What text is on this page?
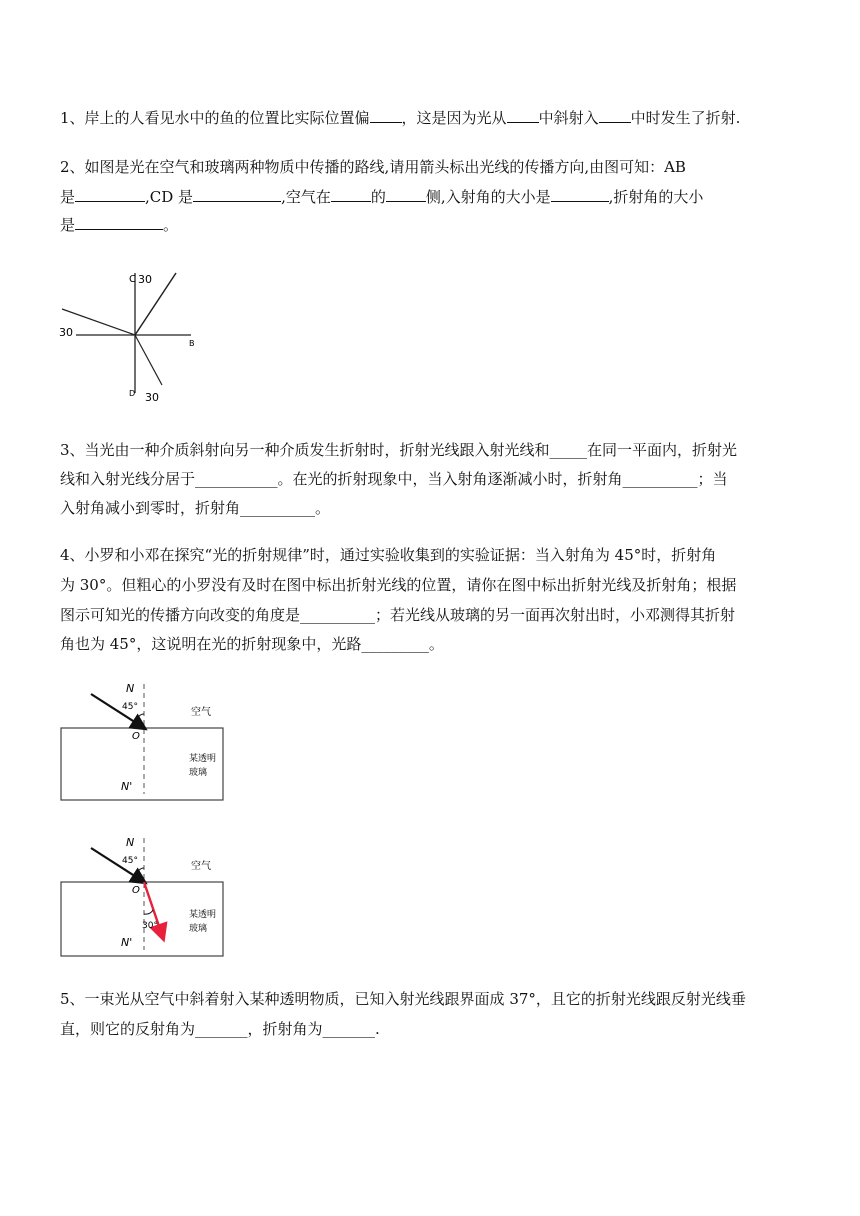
1、岸上的人看见水中的鱼的位置比实际位置偏 ，这是因为光从 中斜射入 中时发生了折射.
2、如图是光在空气和玻璃两种物质中传播的路线,请用箭头标出光线的传播方向,由图可知：AB
是	,CD 是	,空气在	的	侧,入射角的大小是	,折射角的大小
是	。
C 30
30
B
D 30
3、当光由一种介质斜射向另一种介质发生折射时，折射光线跟入射光线和_____在同一平面内，折射光
线和入射光线分居于___________。在光的折射现象中，当入射角逐渐减小时，折射角__________；当
入射角减小到零时，折射角__________。
4、小罗和小邓在探究“光的折射规律”时，通过实验收集到的实验证据：当入射角为 45°时，折射角
为 30°。但粗心的小罗没有及时在图中标出折射光线的位置，请你在图中标出折射光线及折射角；根据
图示可知光的传播方向改变的角度是__________；若光线从玻璃的另一面再次射出时，小邓测得其折射
角也为 45°，这说明在光的折射现象中，光路_________。
N
45°
O
空气
某透明
玻璃
N'
N
45°
O
空气
30°
某透明
玻璃
N'
5、一束光从空气中斜着射入某种透明物质，已知入射光线跟界面成 37°，且它的折射光线跟反射光线垂
直，则它的反射角为_______，折射角为_______.
